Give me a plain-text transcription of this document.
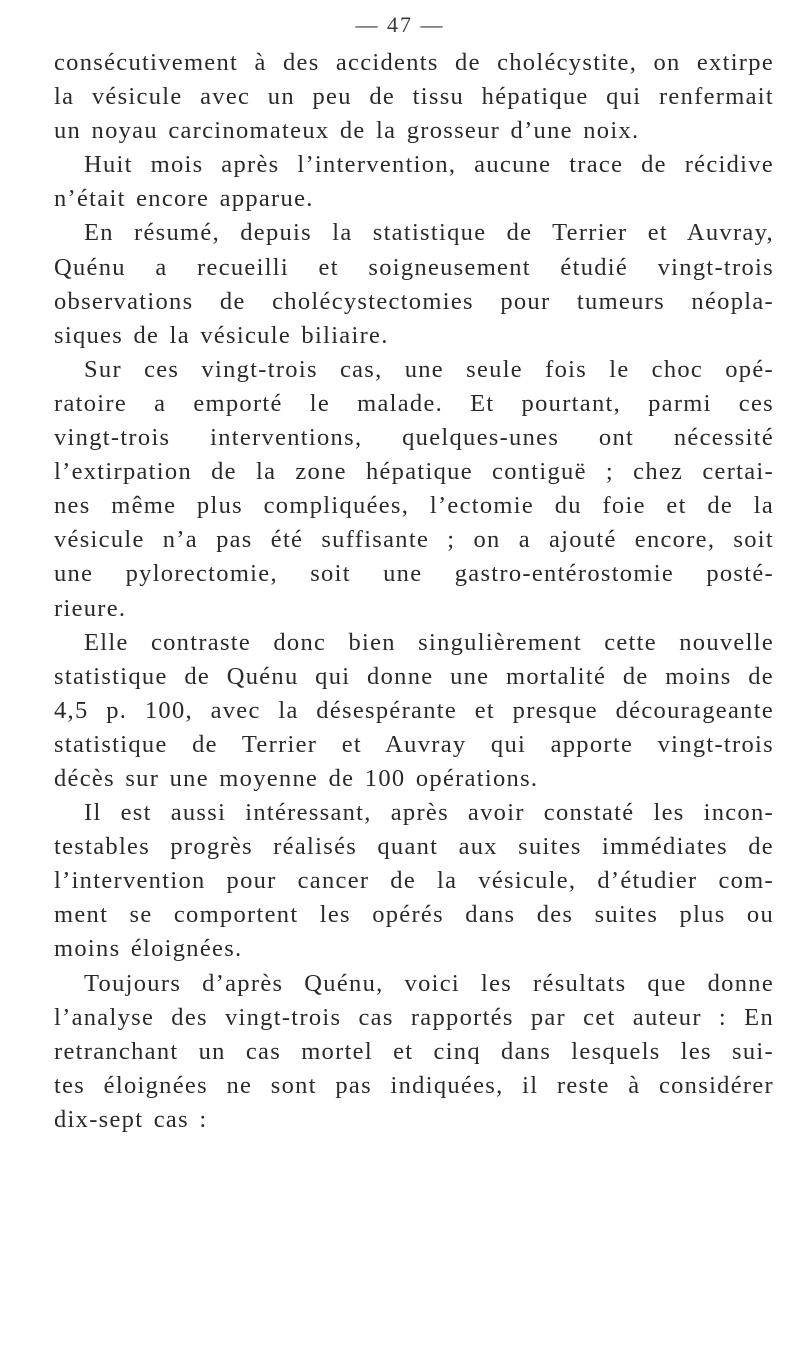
— 47 —
consécutivement à des accidents de cholécystite, on extirpe
la vésicule avec un peu de tissu hépatique qui renfermait
un noyau carcinomateux de la grosseur d’une noix.
Huit mois après l’intervention, aucune trace de récidive
n’était encore apparue.
En résumé, depuis la statistique de Terrier et Auvray,
Quénu a recueilli et soigneusement étudié vingt-trois
observations de cholécystectomies pour tumeurs néopla-
siques de la vésicule biliaire.
Sur ces vingt-trois cas, une seule fois le choc opé-
ratoire a emporté le malade. Et pourtant, parmi ces
vingt-trois interventions, quelques-unes ont nécessité
l’extirpation de la zone hépatique contiguë ; chez certai-
nes même plus compliquées, l’ectomie du foie et de la
vésicule n’a pas été suffisante ; on a ajouté encore, soit
une pylorectomie, soit une gastro-entérostomie posté-
rieure.
Elle contraste donc bien singulièrement cette nouvelle
statistique de Quénu qui donne une mortalité de moins de
4,5 p. 100, avec la désespérante et presque décourageante
statistique de Terrier et Auvray qui apporte vingt-trois
décès sur une moyenne de 100 opérations.
Il est aussi intéressant, après avoir constaté les incon-
testables progrès réalisés quant aux suites immédiates de
l’intervention pour cancer de la vésicule, d’étudier com-
ment se comportent les opérés dans des suites plus ou
moins éloignées.
Toujours d’après Quénu, voici les résultats que donne
l’analyse des vingt-trois cas rapportés par cet auteur : En
retranchant un cas mortel et cinq dans lesquels les sui-
tes éloignées ne sont pas indiquées, il reste à considérer
dix-sept cas :
